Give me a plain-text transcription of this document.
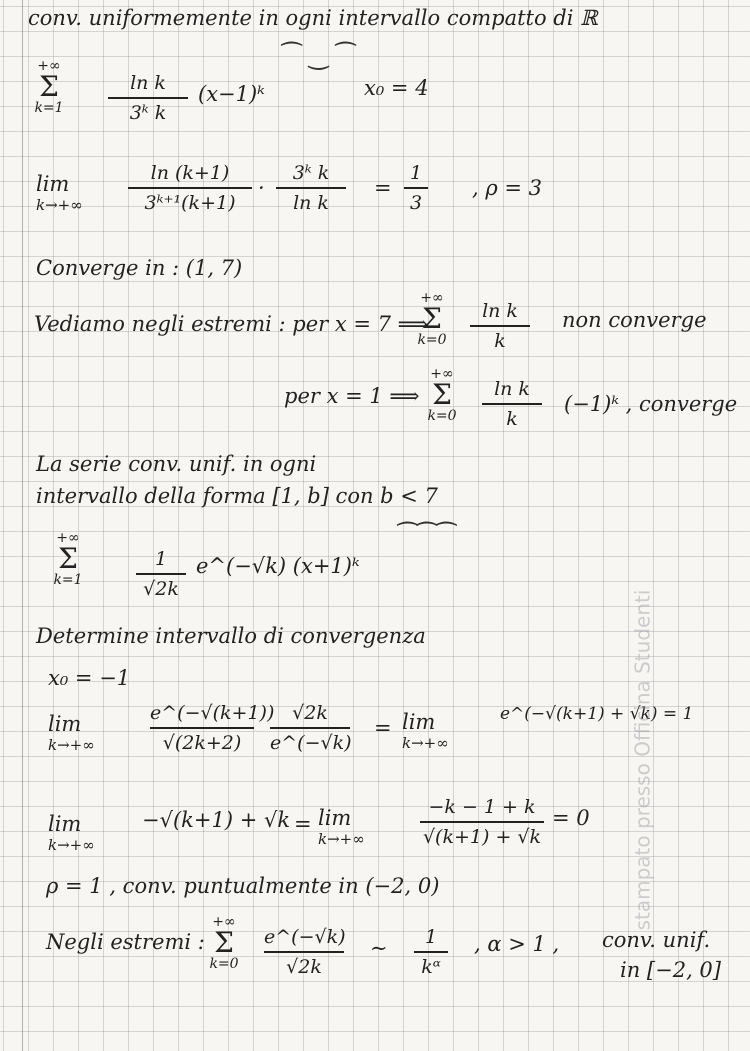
conv. uniformemente in ogni intervallo compatto di ℝ
+∞
Σ
k=1
ln k
3ᵏ k
(x−1)ᵏ
⁀ ‿ ⁀
x₀ = 4
lim
k→+∞
ln (k+1)
3ᵏ⁺¹(k+1)
·
3ᵏ k
ln k
=
1
3
, ρ = 3
Converge in : (1, 7)
Vediamo negli estremi : per x = 7 ⟹
+∞
Σ
k=0
ln k
k
non converge
per x = 1 ⟹
+∞
Σ
k=0
ln k
k
(−1)ᵏ , converge
La serie conv. unif. in ogni
intervallo della forma [1, b] con b < 7
+∞
Σ
k=1
1
√2k
e^(−√k) (x+1)ᵏ
⁀⁀⁀
Determine intervallo di convergenza
x₀ = −1
lim
k→+∞
e^(−√(k+1))
√(2k+2)
√2k
e^(−√k)
= lim
k→+∞
e^(−√(k+1) + √k) = 1
lim
k→+∞
−√(k+1) + √k = lim
k→+∞
−k − 1 + k
√(k+1) + √k
= 0
ρ = 1 , conv. puntualmente in (−2, 0)
Negli estremi :
+∞
Σ
k=0
e^(−√k)
√2k
∼	1
kᵅ
, α > 1 , conv. unif.
in [−2, 0]
stampato presso Officina Studenti
